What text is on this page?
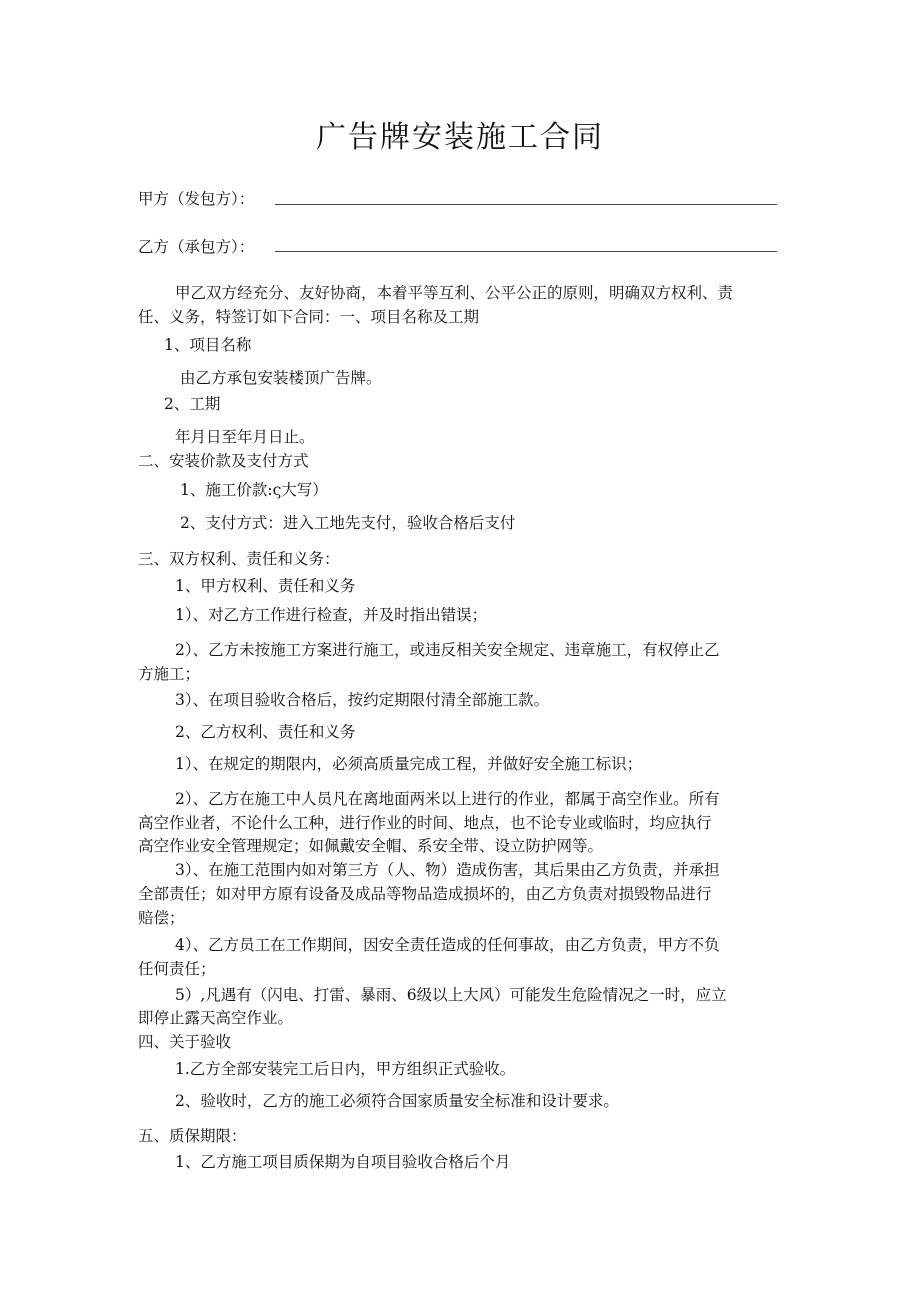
广告牌安装施工合同
甲方（发包方）：
乙方（承包方）：
甲乙双方经充分、友好协商，本着平等互利、公平公正的原则，明确双方权利、责
任、义务，特签订如下合同：一、项目名称及工期
1、项目名称
由乙方承包安装楼顶广告牌。
2、工期
年月日至年月日止。
二、安装价款及支付方式
1、施工价款:ς大写）
2、支付方式：进入工地先支付，验收合格后支付
三、双方权利、责任和义务：
1、甲方权利、责任和义务
1）、对乙方工作进行检查，并及时指出错误；
2）、乙方未按施工方案进行施工，或违反相关安全规定、违章施工，有权停止乙
方施工；
3）、在项目验收合格后，按约定期限付清全部施工款。
2、乙方权利、责任和义务
1）、在规定的期限内，必须高质量完成工程，并做好安全施工标识；
2）、乙方在施工中人员凡在离地面两米以上进行的作业，都属于高空作业。所有
高空作业者，不论什么工种，进行作业的时间、地点，也不论专业或临时，均应执行
高空作业安全管理规定；如佩戴安全帽、系安全带、设立防护网等。
3）、在施工范围内如对第三方（人、物）造成伤害，其后果由乙方负责，并承担
全部责任；如对甲方原有设备及成品等物品造成损坏的，由乙方负责对损毁物品进行
赔偿；
4）、乙方员工在工作期间，因安全责任造成的任何事故，由乙方负责，甲方不负
任何责任；
5）,凡遇有（闪电、打雷、暴雨、6级以上大风）可能发生危险情况之一时，应立
即停止露天高空作业。
四、关于验收
1.乙方全部安装完工后日内，甲方组织正式验收。
2、验收时，乙方的施工必须符合国家质量安全标准和设计要求。
五、质保期限：
1、乙方施工项目质保期为自项目验收合格后个月
